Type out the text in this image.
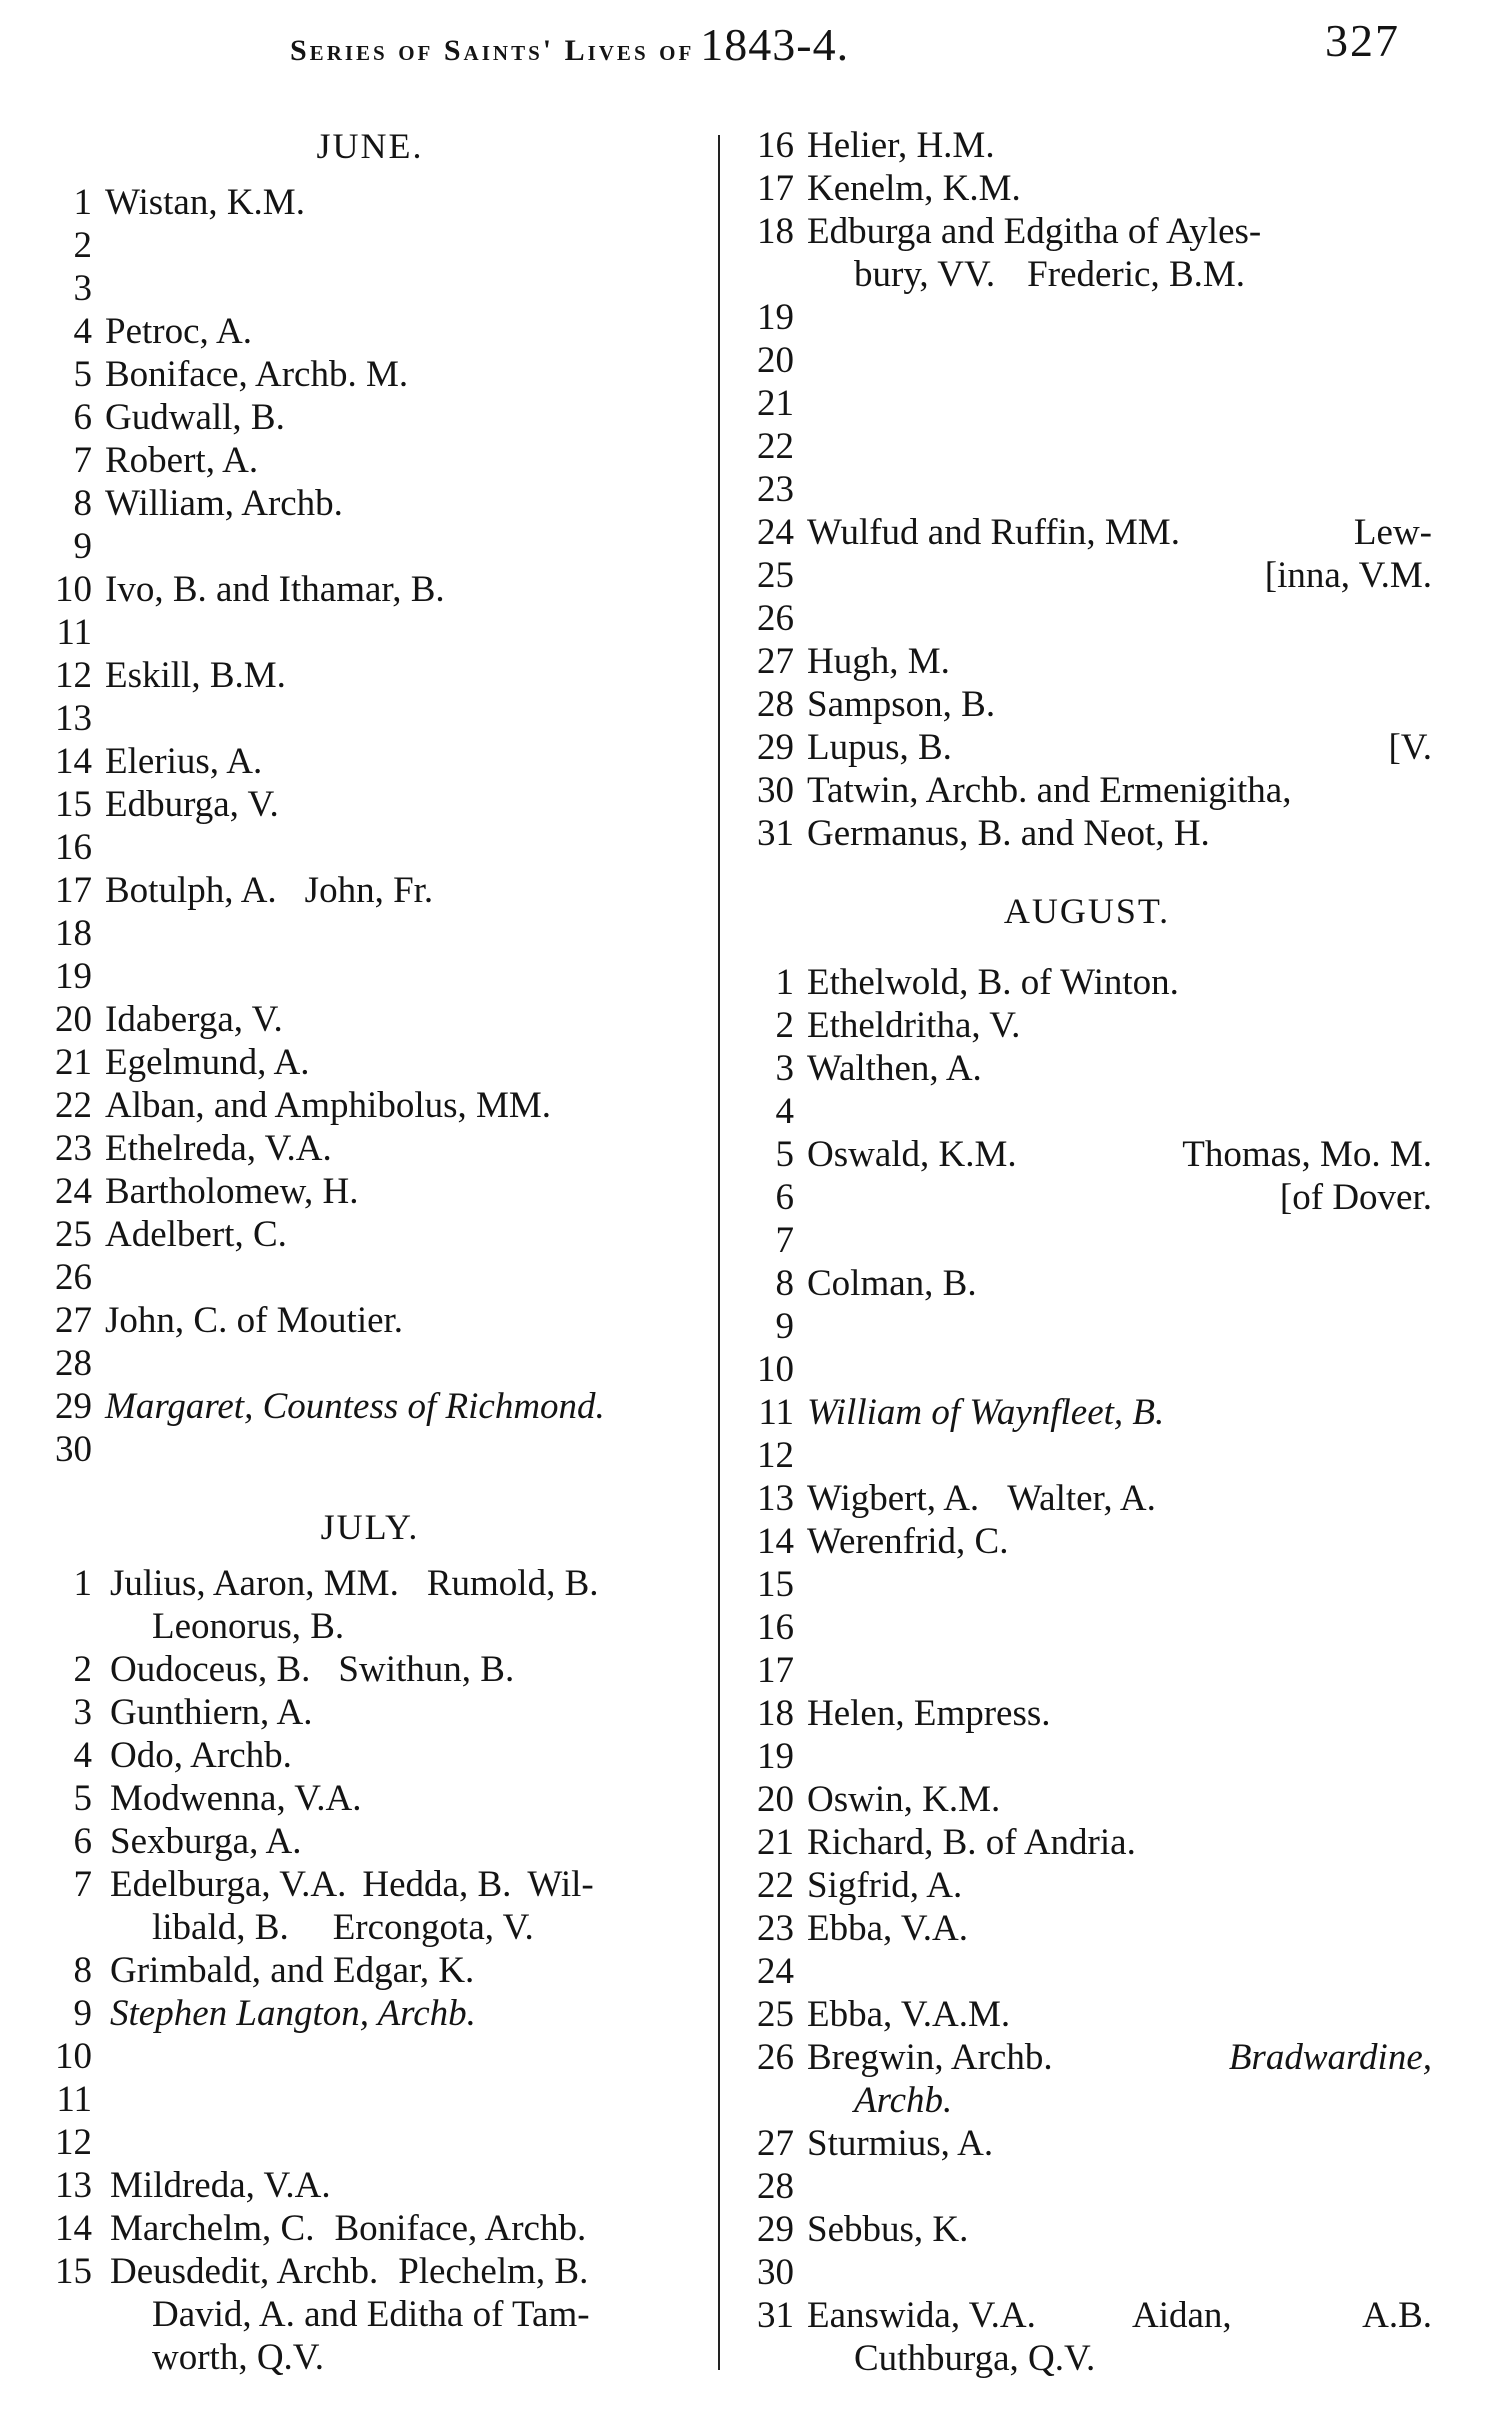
Series of Saints' Lives of 1843-4.	327
JUNE.
1 Wistan, K.M.
2
3
4 Petroc, A.
5 Boniface, Archb. M.
6 Gudwall, B.
7 Robert, A.
8 William, Archb.
9
10 Ivo, B. and Ithamar, B.
11
12 Eskill, B.M.
13
14 Elerius, A.
15 Edburga, V.
16
17 Botulph, A. John, Fr.
18
19
20 Idaberga, V.
21 Egelmund, A.
22 Alban, and Amphibolus, MM.
23 Ethelreda, V.A.
24 Bartholomew, H.
25 Adelbert, C.
26
27 John, C. of Moutier.
28
29 Margaret, Countess of Richmond.
30
JULY.
1 Julius, Aaron, MM. Rumold, B.
Leonorus, B.
2 Oudoceus, B. Swithun, B.
3 Gunthiern, A.
4 Odo, Archb.
5 Modwenna, V.A.
6 Sexburga, A.
7 Edelburga, V.A. Hedda, B. Wil-
libald, B. Ercongota, V.
8 Grimbald, and Edgar, K.
9 Stephen Langton, Archb.
10
11
12
13 Mildreda, V.A.
14 Marchelm, C. Boniface, Archb.
15 Deusdedit, Archb. Plechelm, B.
David, A. and Editha of Tam-
worth, Q.V.
16 Helier, H.M.
17 Kenelm, K.M.
18 Edburga and Edgitha of Ayles-
bury, VV. Frederic, B.M.
19
20
21
22
23
24 Wulfud and Ruffin, MM.	Lew-
25	[inna, V.M.
26
27 Hugh, M.
28 Sampson, B.
29 Lupus, B.	[V.
30 Tatwin, Archb. and Ermenigitha,
31 Germanus, B. and Neot, H.
AUGUST.
1 Ethelwold, B. of Winton.
2 Etheldritha, V.
3 Walthen, A.
4
5 Oswald, K.M.	Thomas, Mo. M.
6	[of Dover.
7
8 Colman, B.
9
10
11 William of Waynfleet, B.
12
13 Wigbert, A. Walter, A.
14 Werenfrid, C.
15
16
17
18 Helen, Empress.
19
20 Oswin, K.M.
21 Richard, B. of Andria.
22 Sigfrid, A.
23 Ebba, V.A.
24
25 Ebba, V.A.M.
26 Bregwin, Archb.	Bradwardine,
Archb.
27 Sturmius, A.
28
29 Sebbus, K.
30
31 Eanswida, V.A.	Aidan,	A.B.
Cuthburga, Q.V.
